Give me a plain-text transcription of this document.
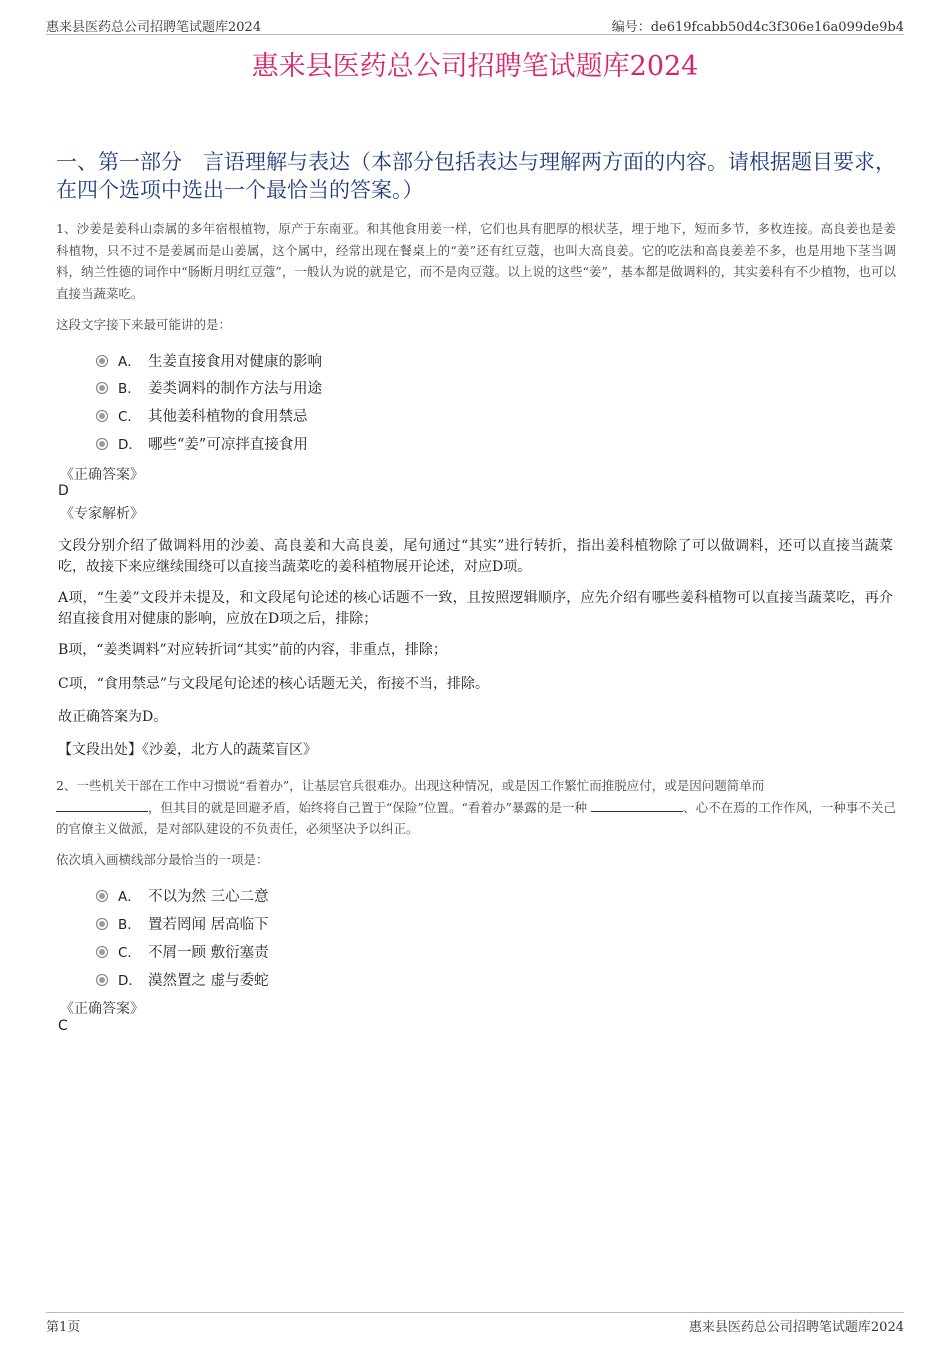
惠来县医药总公司招聘笔试题库2024	编号：de619fcabb50d4c3f306e16a099de9b4
惠来县医药总公司招聘笔试题库2024
一、第一部分　言语理解与表达（本部分包括表达与理解两方面的内容。请根据题目要求，在四个选项中选出一个最恰当的答案。）
1、沙姜是姜科山柰属的多年宿根植物，原产于东南亚。和其他食用姜一样，它们也具有肥厚的根状茎，埋于地下，短而多节，多枚连接。高良姜也是姜科植物，只不过不是姜属而是山姜属，这个属中，经常出现在餐桌上的“姜”还有红豆蔻，也叫大高良姜。它的吃法和高良姜差不多，也是用地下茎当调料，纳兰性德的词作中“肠断月明红豆蔻”，一般认为说的就是它，而不是肉豆蔻。以上说的这些“姜”，基本都是做调料的，其实姜科有不少植物，也可以直接当蔬菜吃。
这段文字接下来最可能讲的是：
A． 生姜直接食用对健康的影响
B． 姜类调料的制作方法与用途
C． 其他姜科植物的食用禁忌
D． 哪些“姜”可凉拌直接食用
《正确答案》
D
《专家解析》
文段分别介绍了做调料用的沙姜、高良姜和大高良姜，尾句通过“其实”进行转折，指出姜科植物除了可以做调料，还可以直接当蔬菜吃，故接下来应继续围绕可以直接当蔬菜吃的姜科植物展开论述，对应D项。
A项，“生姜”文段并未提及，和文段尾句论述的核心话题不一致，且按照逻辑顺序，应先介绍有哪些姜科植物可以直接当蔬菜吃，再介绍直接食用对健康的影响，应放在D项之后，排除；
B项，“姜类调料”对应转折词“其实”前的内容，非重点，排除；
C项，“食用禁忌”与文段尾句论述的核心话题无关，衔接不当，排除。
故正确答案为D。
【文段出处】《沙姜，北方人的蔬菜盲区》
2、一些机关干部在工作中习惯说“看着办”，让基层官兵很难办。出现这种情况，或是因工作繁忙而推脱应付，或是因问题简单而
，但其目的就是回避矛盾，始终将自己置于“保险”位置。“看着办”暴露的是一种	、心不在焉的工作作风，一种事不关己的官僚主义做派，是对部队建设的不负责任，必须坚决予以纠正。
依次填入画横线部分最恰当的一项是：
A． 不以为然 三心二意
B． 置若罔闻 居高临下
C． 不屑一顾 敷衍塞责
D． 漠然置之 虚与委蛇
《正确答案》
C
第1页	惠来县医药总公司招聘笔试题库2024
